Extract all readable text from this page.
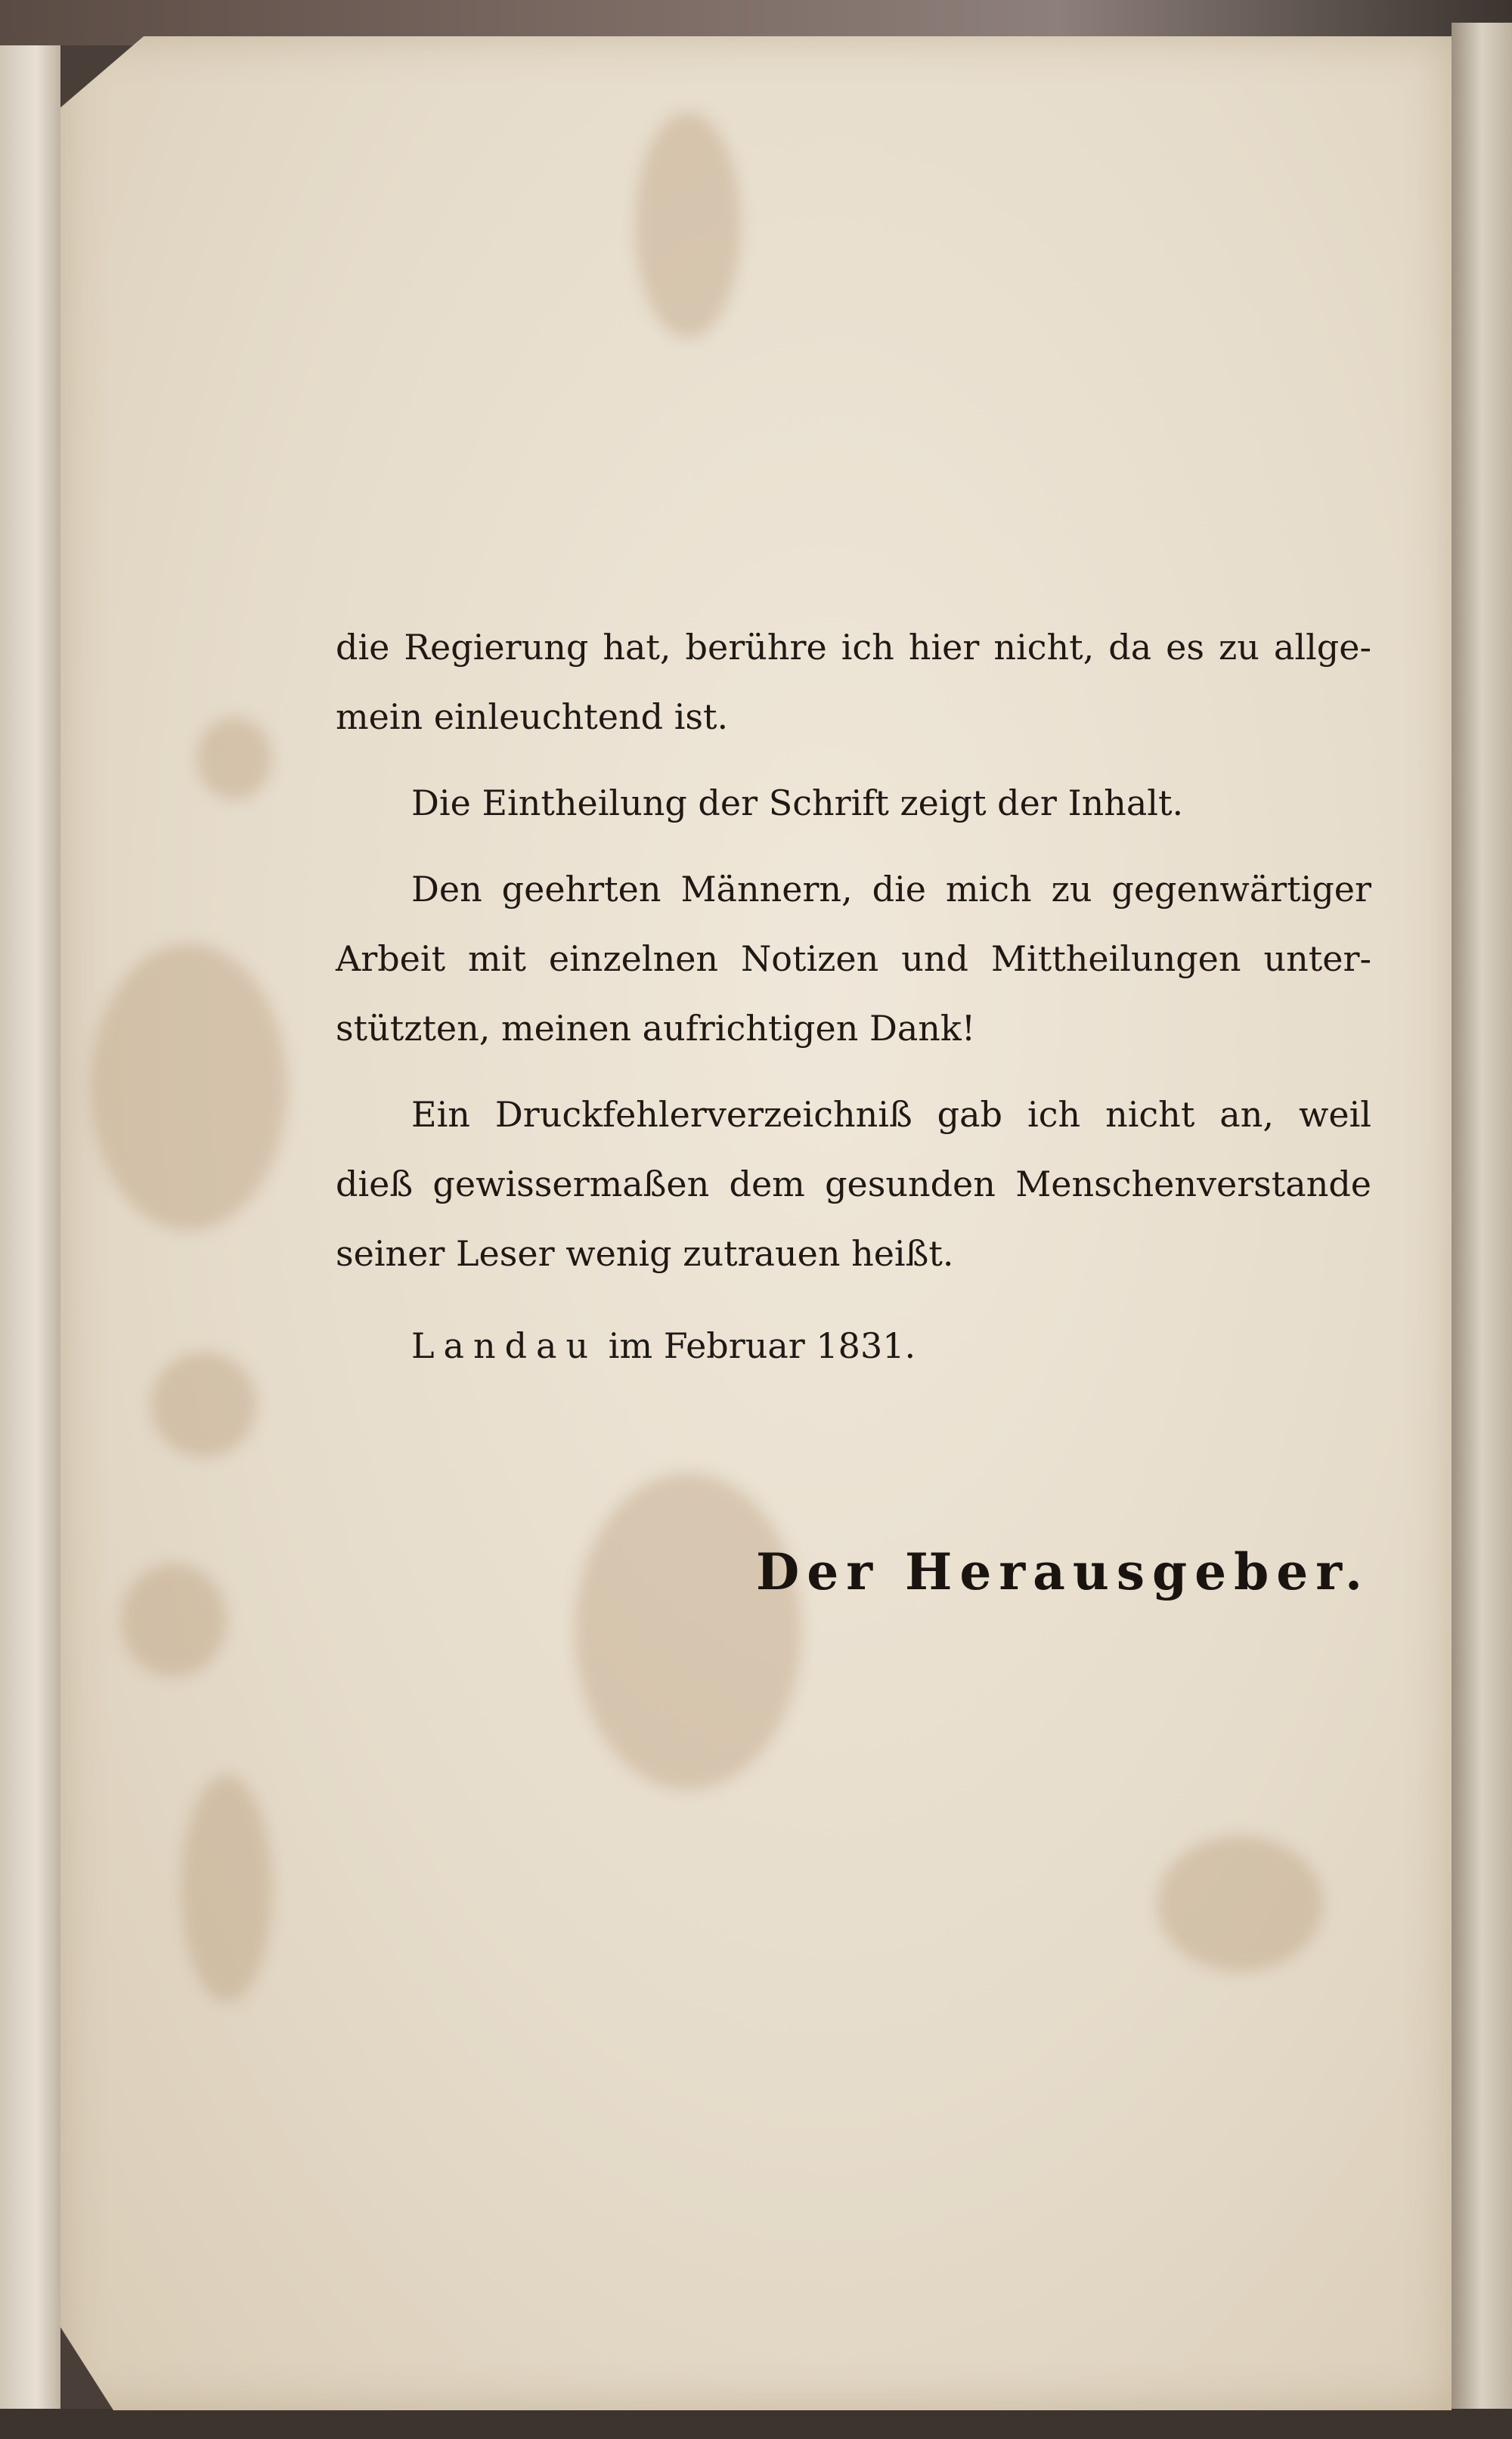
die Regierung hat, berühre ich hier nicht, da es zu allge-mein einleuchtend ist.

Die Eintheilung der Schrift zeigt der Inhalt.

Den geehrten Männern, die mich zu gegenwärtiger Arbeit mit einzelnen Notizen und Mittheilungen unter-stützten, meinen aufrichtigen Dank!

Ein Druckfehlerverzeichniß gab ich nicht an, weil dieß gewissermaßen dem gesunden Menschenverstande seiner Leser wenig zutrauen heißt.

Landau im Februar 1831.

Der Herausgeber.
